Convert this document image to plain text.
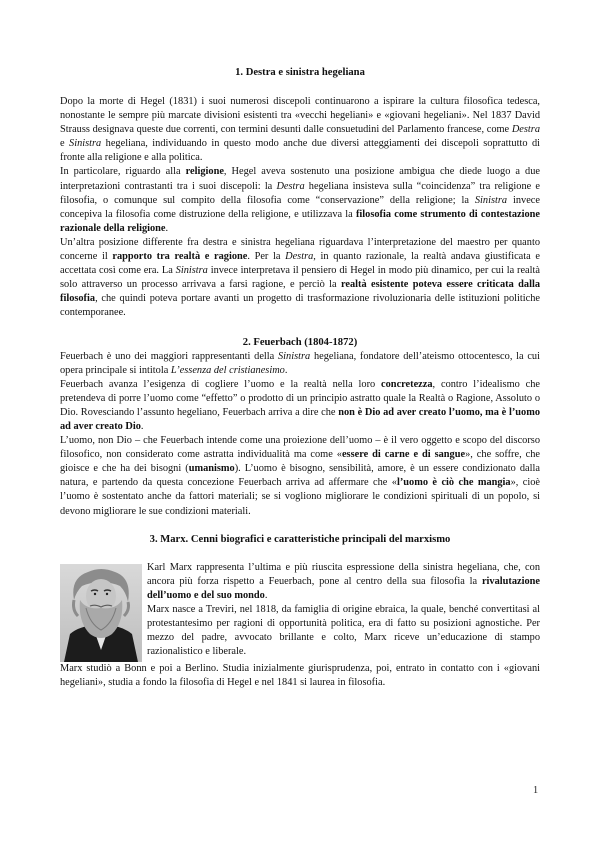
1. Destra e sinistra hegeliana

Dopo la morte di Hegel (1831) i suoi numerosi discepoli continuarono a ispirare la cultura filosofica tedesca, nonostante le sempre più marcate divisioni esistenti tra «vecchi hegeliani» e «giovani hegeliani». Nel 1837 David Strauss designava queste due correnti, con termini desunti dalle consuetudini del Parlamento francese, come Destra e Sinistra hegeliana, individuando in questo modo anche due diversi atteggiamenti dei discepoli soprattutto di fronte alla religione e alla politica.

In particolare, riguardo alla religione, Hegel aveva sostenuto una posizione ambigua che diede luogo a due interpretazioni contrastanti tra i suoi discepoli: la Destra hegeliana insisteva sulla “coincidenza” tra religione e filosofia, o comunque sul compito della filosofia come “conservazione” della religione; la Sinistra invece concepiva la filosofia come distruzione della religione, e utilizzava la filosofia come strumento di contestazione razionale della religione.

Un’altra posizione differente fra destra e sinistra hegeliana riguardava l’interpretazione del maestro per quanto concerne il rapporto tra realtà e ragione. Per la Destra, in quanto razionale, la realtà andava giustificata e accettata così come era. La Sinistra invece interpretava il pensiero di Hegel in modo più dinamico, per cui la realtà solo attraverso un processo arrivava a farsi ragione, e perciò la realtà esistente poteva essere criticata dalla filosofia, che quindi poteva portare avanti un progetto di trasformazione rivoluzionaria delle istituzioni politiche contemporanee.

2. Feuerbach (1804-1872)

Feuerbach è uno dei maggiori rappresentanti della Sinistra hegeliana, fondatore dell’ateismo ottocentesco, la cui opera principale si intitola L’essenza del cristianesimo.

Feuerbach avanza l’esigenza di cogliere l’uomo e la realtà nella loro concretezza, contro l’idealismo che pretendeva di porre l’uomo come “effetto” o prodotto di un principio astratto quale la Realtà o Ragione, Assoluto o Dio. Rovesciando l’assunto hegeliano, Feuerbach arriva a dire che non è Dio ad aver creato l’uomo, ma è l’uomo ad aver creato Dio.

L’uomo, non Dio – che Feuerbach intende come una proiezione dell’uomo – è il vero oggetto e scopo del discorso filosofico, non considerato come astratta individualità ma come «essere di carne e di sangue», che soffre, che gioisce e che ha dei bisogni (umanismo). L’uomo è bisogno, sensibilità, amore, è un essere condizionato dalla natura, e partendo da questa concezione Feuerbach arriva ad affermare che «l’uomo è ciò che mangia», cioè l’uomo è sostentato anche da fattori materiali; se si vogliono migliorare le condizioni spirituali di un popolo, si devono migliorare le sue condizioni materiali.

3. Marx. Cenni biografici e caratteristiche principali del marxismo

Karl Marx rappresenta l’ultima e più riuscita espressione della sinistra hegeliana, che, con ancora più forza rispetto a Feuerbach, pone al centro della sua filosofia la rivalutazione dell’uomo e del suo mondo.

Marx nasce a Treviri, nel 1818, da famiglia di origine ebraica, la quale, benché convertitasi al protestantesimo per ragioni di opportunità politica, era di fatto su posizioni agnostiche. Per mezzo del padre, avvocato brillante e colto, Marx riceve un’educazione di stampo razionalistico e liberale.

Marx studiò a Bonn e poi a Berlino. Studia inizialmente giurisprudenza, poi, entrato in contatto con i «giovani hegeliani», studia a fondo la filosofia di Hegel e nel 1841 si laurea in filosofia.

1
